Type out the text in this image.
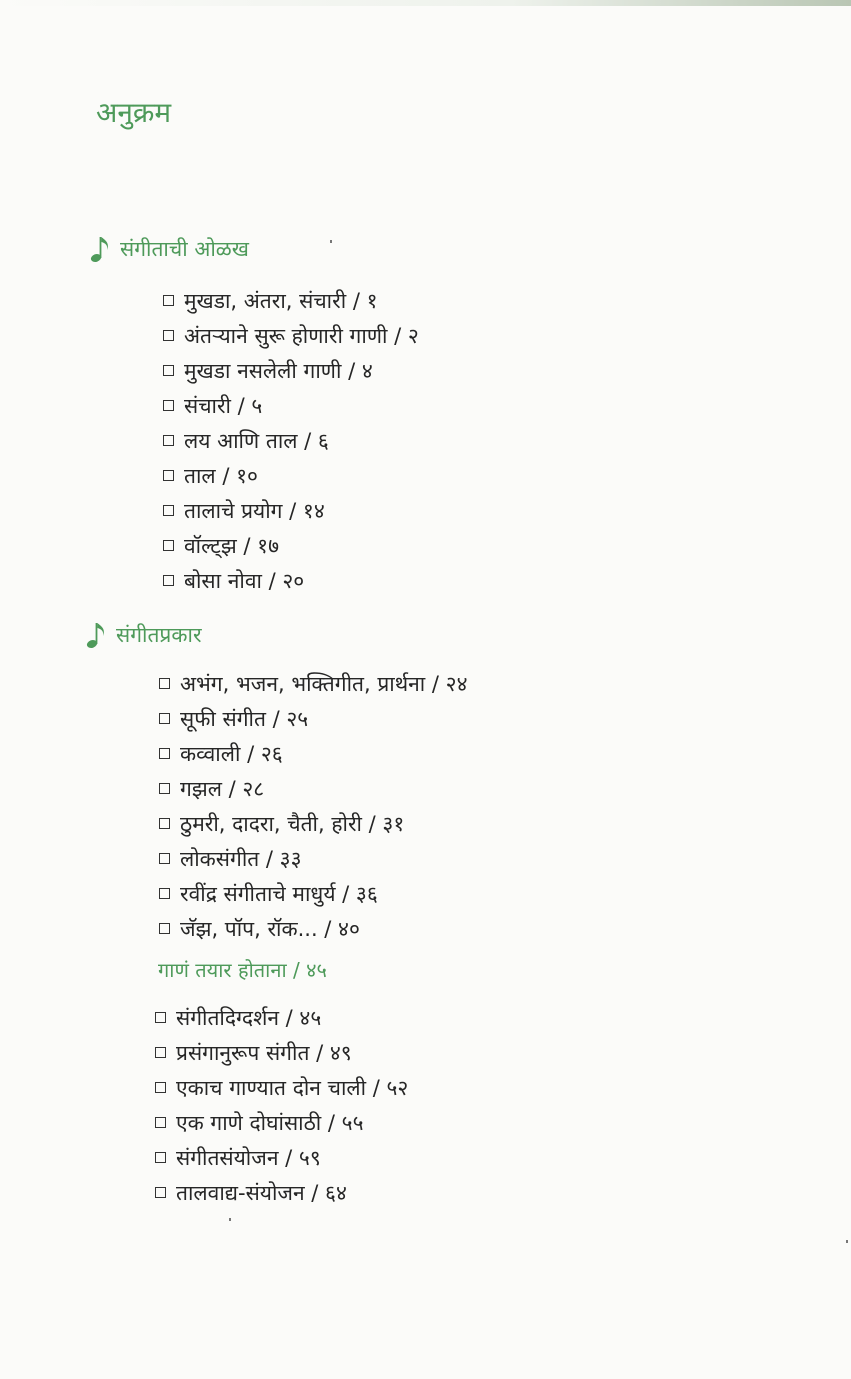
अनुक्रम
संगीताची ओळख
मुखडा, अंतरा, संचारी / १
अंतऱ्याने सुरू होणारी गाणी / २
मुखडा नसलेली गाणी / ४
संचारी / ५
लय आणि ताल / ६
ताल / १०
तालाचे प्रयोग / १४
वॉल्ट्झ / १७
बोसा नोवा / २०
संगीतप्रकार
अभंग, भजन, भक्तिगीत, प्रार्थना / २४
सूफी संगीत / २५
कव्वाली / २६
गझल / २८
ठुमरी, दादरा, चैती, होरी / ३१
लोकसंगीत / ३३
रवींद्र संगीताचे माधुर्य / ३६
जॅझ, पॉप, रॉक... / ४०
गाणं तयार होताना / ४५
संगीतदिग्दर्शन / ४५
प्रसंगानुरूप संगीत / ४९
एकाच गाण्यात दोन चाली / ५२
एक गाणे दोघांसाठी / ५५
संगीतसंयोजन / ५९
तालवाद्य-संयोजन / ६४
